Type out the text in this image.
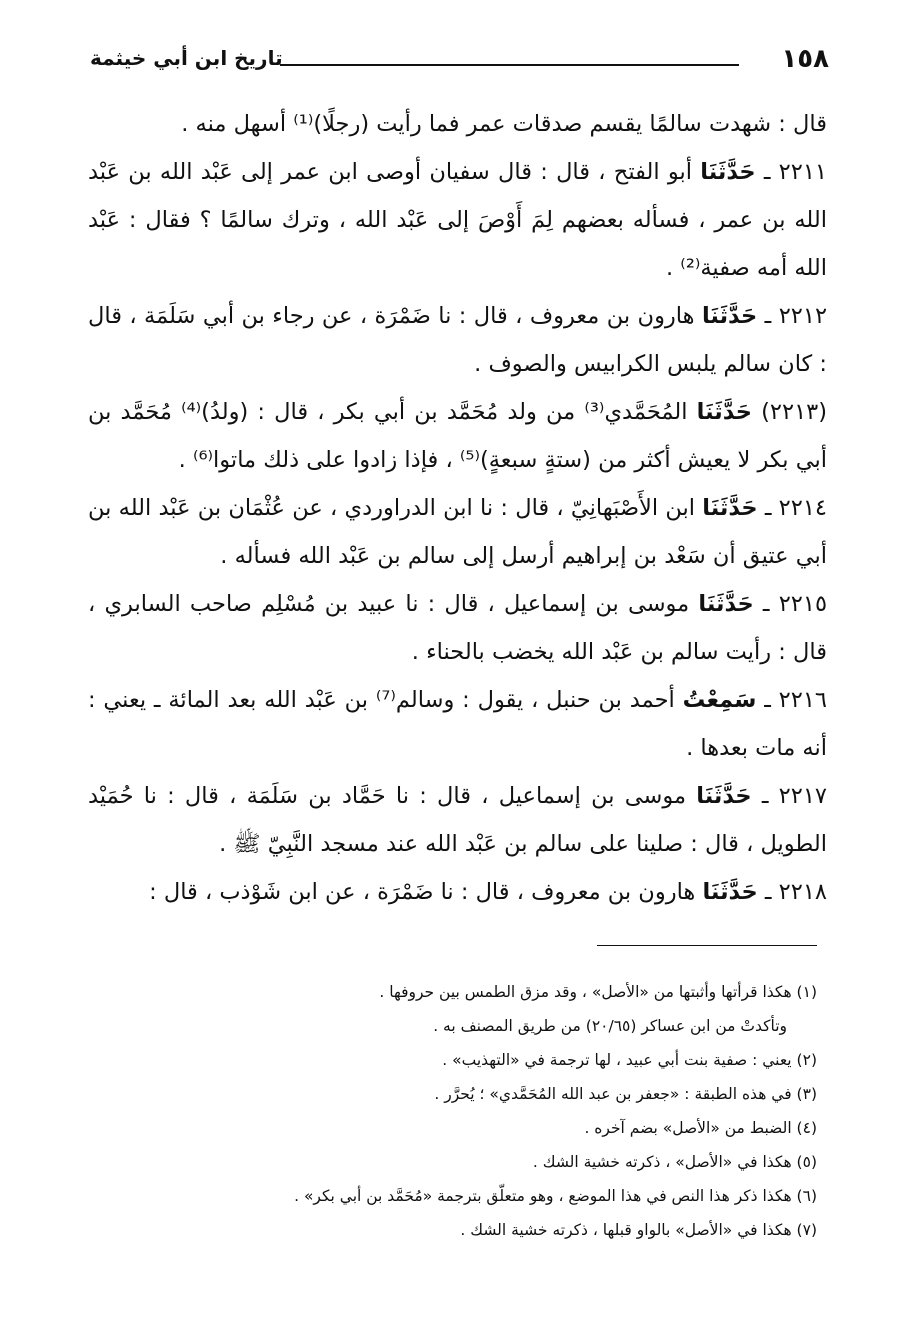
١٥٨
تاريخ ابن أبي خيثمة

قال : شهدت سالمًا يقسم صدقات عمر فما رأيت (رجلًا)⁽¹⁾ أسهل منه .

٢٢١١ ـ حَدَّثَنَا أبو الفتح ، قال : قال سفيان أوصى ابن عمر إلى عَبْد الله بن عَبْد الله بن عمر ، فسأله بعضهم لِمَ أَوْصَ إلى عَبْد الله ، وترك سالمًا ؟ فقال : عَبْد الله أمه صفية⁽²⁾ .

٢٢١٢ ـ حَدَّثَنَا هارون بن معروف ، قال : نا ضَمْرَة ، عن رجاء بن أبي سَلَمَة ، قال : كان سالم يلبس الكرابيس والصوف .

(٢٢١٣) حَدَّثَنَا المُحَمَّدي⁽³⁾ من ولد مُحَمَّد بن أبي بكر ، قال : (ولدُ)⁽⁴⁾ مُحَمَّد بن أبي بكر لا يعيش أكثر من (ستةٍ سبعةٍ)⁽⁵⁾ ، فإذا زادوا على ذلك ماتوا⁽⁶⁾ .

٢٢١٤ ـ حَدَّثَنَا ابن الأَصْبَهانِيّ ، قال : نا ابن الدراوردي ، عن عُثْمَان بن عَبْد الله بن أبي عتيق أن سَعْد بن إبراهيم أرسل إلى سالم بن عَبْد الله فسأله .

٢٢١٥ ـ حَدَّثَنَا موسى بن إسماعيل ، قال : نا عبيد بن مُسْلِم صاحب السابري ، قال : رأيت سالم بن عَبْد الله يخضب بالحناء .

٢٢١٦ ـ سَمِعْتُ أحمد بن حنبل ، يقول : وسالم⁽⁷⁾ بن عَبْد الله بعد المائة ـ يعني : أنه مات بعدها .

٢٢١٧ ـ حَدَّثَنَا موسى بن إسماعيل ، قال : نا حَمَّاد بن سَلَمَة ، قال : نا حُمَيْد الطويل ، قال : صلينا على سالم بن عَبْد الله عند مسجد النَّبِيّ ﷺ .

٢٢١٨ ـ حَدَّثَنَا هارون بن معروف ، قال : نا ضَمْرَة ، عن ابن شَوْذب ، قال :

(١) هكذا قرأتها وأثبتها من «الأصل» ، وقد مزق الطمس بين حروفها .

وتأكدتْ من ابن عساكر (٢٠/٦٥) من طريق المصنف به .

(٢) يعني : صفية بنت أبي عبيد ، لها ترجمة في «التهذيب» .

(٣) في هذه الطبقة : «جعفر بن عبد الله المُحَمَّدي» ؛ يُحرَّر .

(٤) الضبط من «الأصل» بضم آخره .

(٥) هكذا في «الأصل» ، ذكرته خشية الشك .

(٦) هكذا ذكر هذا النص في هذا الموضع ، وهو متعلّق بترجمة «مُحَمَّد بن أبي بكر» .

(٧) هكذا في «الأصل» بالواو قبلها ، ذكرته خشية الشك .
